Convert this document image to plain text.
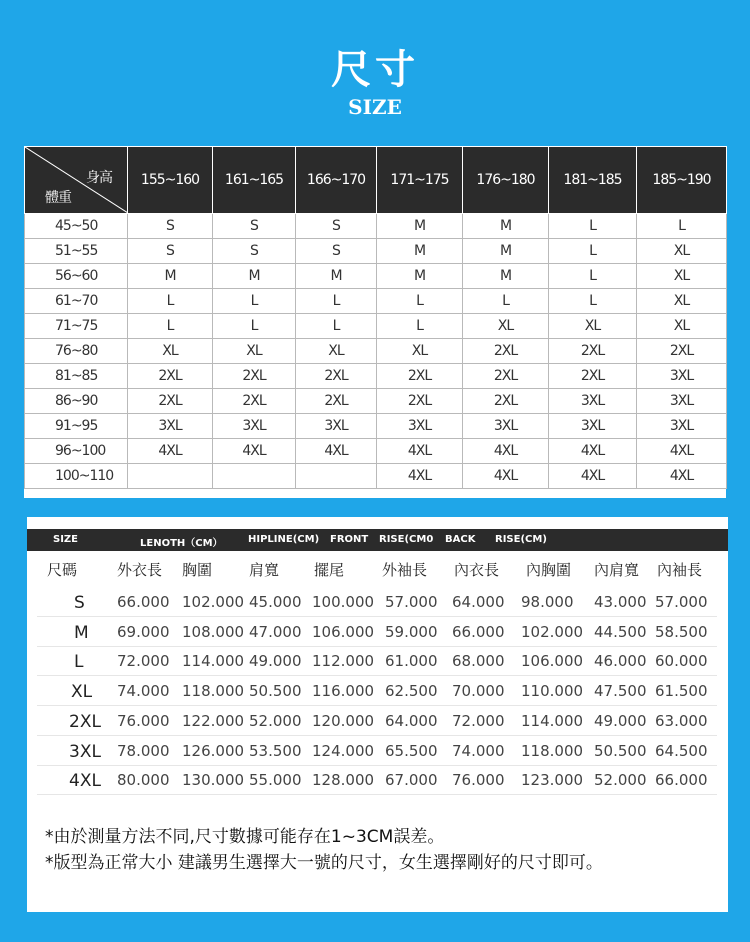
尺寸
SIZE
身高
體重	155~160	161~165	166~170	171~175	176~180	181~185	185~190
45~50	S	S	S	M	M	L	L
51~55	S	S	S	M	M	L	XL
56~60	M	M	M	M	M	L	XL
61~70	L	L	L	L	L	L	XL
71~75	L	L	L	L	XL	XL	XL
76~80	XL	XL	XL	XL	2XL	2XL	2XL
81~85	2XL	2XL	2XL	2XL	2XL	2XL	3XL
86~90	2XL	2XL	2XL	2XL	2XL	3XL	3XL
91~95	3XL	3XL	3XL	3XL	3XL	3XL	3XL
96~100	4XL	4XL	4XL	4XL	4XL	4XL	4XL
100~110				4XL	4XL	4XL	4XL
SIZE	LENOTH（CM）	HIPLINE(CM) FRONT RISE(CM0 BACK RISE(CM)
尺碼	外衣長 胸圍 肩寬 擺尾	外袖長 內衣長 內胸圍 內肩寬 內袖長
S 66.000 102.000 45.000 100.000 57.000 64.000 98.000 43.000 57.000
M 69.000 108.000 47.000 106.000 59.000 66.000 102.000 44.500 58.500
L 72.000 114.000 49.000 112.000 61.000 68.000 106.000 46.000 60.000
XL 74.000 118.000 50.500 116.000 62.500 70.000 110.000 47.500 61.500
2XL 76.000 122.000 52.000 120.000 64.000 72.000 114.000 49.000 63.000
3XL 78.000 126.000 53.500 124.000 65.500 74.000 118.000 50.500 64.500
4XL 80.000 130.000 55.000 128.000 67.000 76.000 123.000 52.000 66.000
*由於測量方法不同,尺寸數據可能存在1~3CM誤差。
*版型為正常大小 建議男生選擇大一號的尺寸，女生選擇剛好的尺寸即可。
